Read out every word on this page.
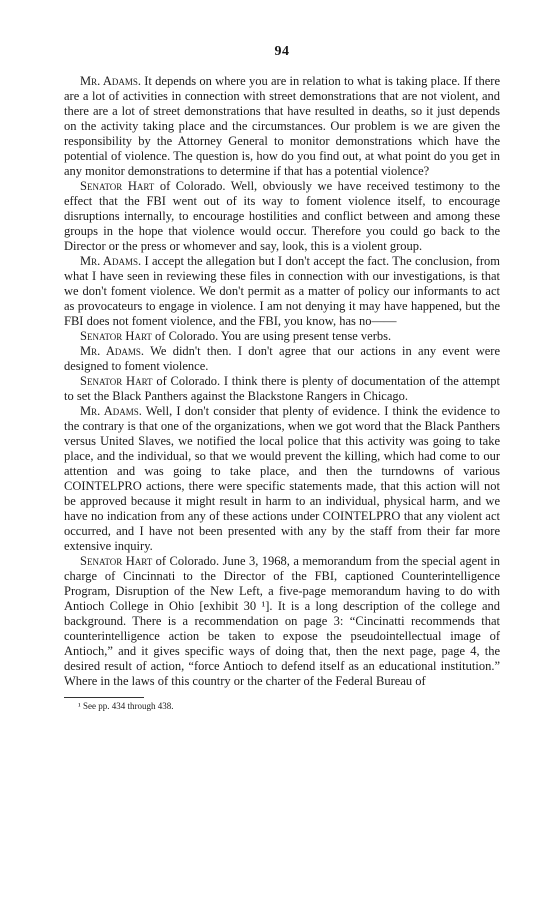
94

Mr. Adams. It depends on where you are in relation to what is taking place. If there are a lot of activities in connection with street demonstrations that are not violent, and there are a lot of street demonstrations that have resulted in deaths, so it just depends on the activity taking place and the circumstances. Our problem is we are given the responsibility by the Attorney General to monitor demonstrations which have the potential of violence. The question is, how do you find out, at what point do you get in any monitor demonstrations to determine if that has a potential violence?

Senator Hart of Colorado. Well, obviously we have received testimony to the effect that the FBI went out of its way to foment violence itself, to encourage disruptions internally, to encourage hostilities and conflict between and among these groups in the hope that violence would occur. Therefore you could go back to the Director or the press or whomever and say, look, this is a violent group.

Mr. Adams. I accept the allegation but I don't accept the fact. The conclusion, from what I have seen in reviewing these files in connection with our investigations, is that we don't foment violence. We don't permit as a matter of policy our informants to act as provocateurs to engage in violence. I am not denying it may have happened, but the FBI does not foment violence, and the FBI, you know, has no——

Senator Hart of Colorado. You are using present tense verbs.

Mr. Adams. We didn't then. I don't agree that our actions in any event were designed to foment violence.

Senator Hart of Colorado. I think there is plenty of documentation of the attempt to set the Black Panthers against the Blackstone Rangers in Chicago.

Mr. Adams. Well, I don't consider that plenty of evidence. I think the evidence to the contrary is that one of the organizations, when we got word that the Black Panthers versus United Slaves, we notified the local police that this activity was going to take place, and the individual, so that we would prevent the killing, which had come to our attention and was going to take place, and then the turndowns of various COINTELPRO actions, there were specific statements made, that this action will not be approved because it might result in harm to an individual, physical harm, and we have no indication from any of these actions under COINTELPRO that any violent act occurred, and I have not been presented with any by the staff from their far more extensive inquiry.

Senator Hart of Colorado. June 3, 1968, a memorandum from the special agent in charge of Cincinnati to the Director of the FBI, captioned Counterintelligence Program, Disruption of the New Left, a five-page memorandum having to do with Antioch College in Ohio [exhibit 30 ¹]. It is a long description of the college and background. There is a recommendation on page 3: “Cincinatti recommends that counterintelligence action be taken to expose the pseudointellectual image of Antioch,” and it gives specific ways of doing that, then the next page, page 4, the desired result of action, “force Antioch to defend itself as an educational institution.” Where in the laws of this country or the charter of the Federal Bureau of

¹ See pp. 434 through 438.
